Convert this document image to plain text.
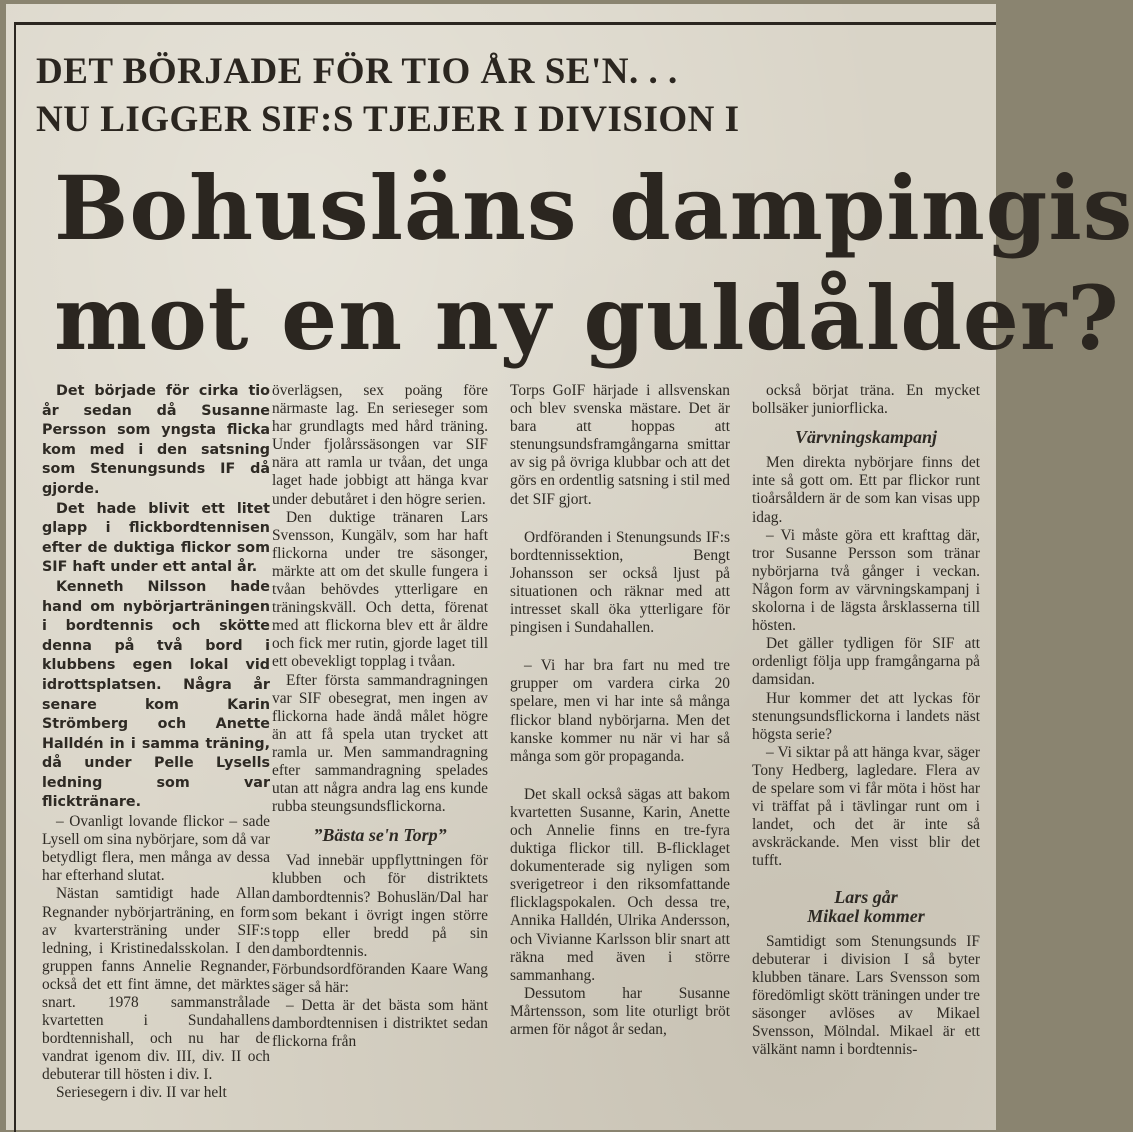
DET BÖRJADE FÖR TIO ÅR SE'N. . .
NU LIGGER SIF:S TJEJER I DIVISION I
Bohusläns dampingis
mot en ny guldålder?

Det började för cirka tio år sedan då Susanne Persson som yngsta flicka kom med i den satsning som Stenungsunds IF då gjorde.

Det hade blivit ett litet glapp i flickbordtennisen efter de duktiga flickor som SIF haft under ett antal år.

Kenneth Nilsson hade hand om nybörjarträningen i bordtennis och skötte denna på två bord i klubbens egen lokal vid idrottsplatsen. Några år senare kom Karin Strömberg och Anette Halldén in i samma träning, då under Pelle Lysells ledning som var flicktränare.

– Ovanligt lovande flickor – sade Lysell om sina nybörjare, som då var betydligt flera, men många av dessa har efterhand slutat.

Nästan samtidigt hade Allan Regnander nybörjarträning, en form av kvartersträning under SIF:s ledning, i Kristinedalsskolan. I den gruppen fanns Annelie Regnander, också det ett fint ämne, det märktes snart. 1978 sammanstrålade kvartetten i Sundahallens bordtennishall, och nu har de vandrat igenom div. III, div. II och debuterar till hösten i div. I.

Seriesegern i div. II var helt

överlägsen, sex poäng före närmaste lag. En serieseger som har grundlagts med hård träning. Under fjolårssäsongen var SIF nära att ramla ur tvåan, det unga laget hade jobbigt att hänga kvar under debutåret i den högre serien.

Den duktige tränaren Lars Svensson, Kungälv, som har haft flickorna under tre säsonger, märkte att om det skulle fungera i tvåan behövdes ytterligare en träningskväll. Och detta, förenat med att flickorna blev ett år äldre och fick mer rutin, gjorde laget till ett obevekligt topplag i tvåan.

Efter första sammandragningen var SIF obesegrat, men ingen av flickorna hade ändå målet högre än att få spela utan trycket att ramla ur. Men sammandragning efter sammandragning spelades utan att några andra lag ens kunde rubba steungsundsflickorna.

”Bästa se'n Torp”

Vad innebär uppflyttningen för klubben och för distriktets dambordtennis? Bohuslän/Dal har som bekant i övrigt ingen större topp eller bredd på sin dambordtennis. Förbundsordföranden Kaare Wang säger så här:

– Detta är det bästa som hänt dambordtennisen i distriktet sedan flickorna från

Torps GoIF härjade i allsvenskan och blev svenska mästare. Det är bara att hoppas att stenungsundsframgångarna smittar av sig på övriga klubbar och att det görs en ordentlig satsning i stil med det SIF gjort.

Ordföranden i Stenungsunds IF:s bordtennissektion, Bengt Johansson ser också ljust på situationen och räknar med att intresset skall öka ytterligare för pingisen i Sundahallen.

– Vi har bra fart nu med tre grupper om vardera cirka 20 spelare, men vi har inte så många flickor bland nybörjarna. Men det kanske kommer nu när vi har så många som gör propaganda.

Det skall också sägas att bakom kvartetten Susanne, Karin, Anette och Annelie finns en tre-fyra duktiga flickor till. B-flicklaget dokumenterade sig nyligen som sverigetreor i den riksomfattande flicklagspokalen. Och dessa tre, Annika Halldén, Ulrika Andersson, och Vivianne Karlsson blir snart att räkna med även i större sammanhang.

Dessutom har Susanne Mårtensson, som lite oturligt bröt armen för något år sedan,

också börjat träna. En mycket bollsäker juniorflicka.

Värvningskampanj

Men direkta nybörjare finns det inte så gott om. Ett par flickor runt tioårsåldern är de som kan visas upp idag.

– Vi måste göra ett krafttag där, tror Susanne Persson som tränar nybörjarna två gånger i veckan. Någon form av värvningskampanj i skolorna i de lägsta årsklasserna till hösten.

Det gäller tydligen för SIF att ordenligt följa upp framgångarna på damsidan.

Hur kommer det att lyckas för stenungsundsflickorna i landets näst högsta serie?

– Vi siktar på att hänga kvar, säger Tony Hedberg, lagledare. Flera av de spelare som vi får möta i höst har vi träffat på i tävlingar runt om i landet, och det är inte så avskräckande. Men visst blir det tufft.

Lars går
Mikael kommer

Samtidigt som Stenungsunds IF debuterar i division I så byter klubben tänare. Lars Svensson som föredömligt skött träningen under tre säsonger avlöses av Mikael Svensson, Mölndal. Mikael är ett välkänt namn i bordtennis-
